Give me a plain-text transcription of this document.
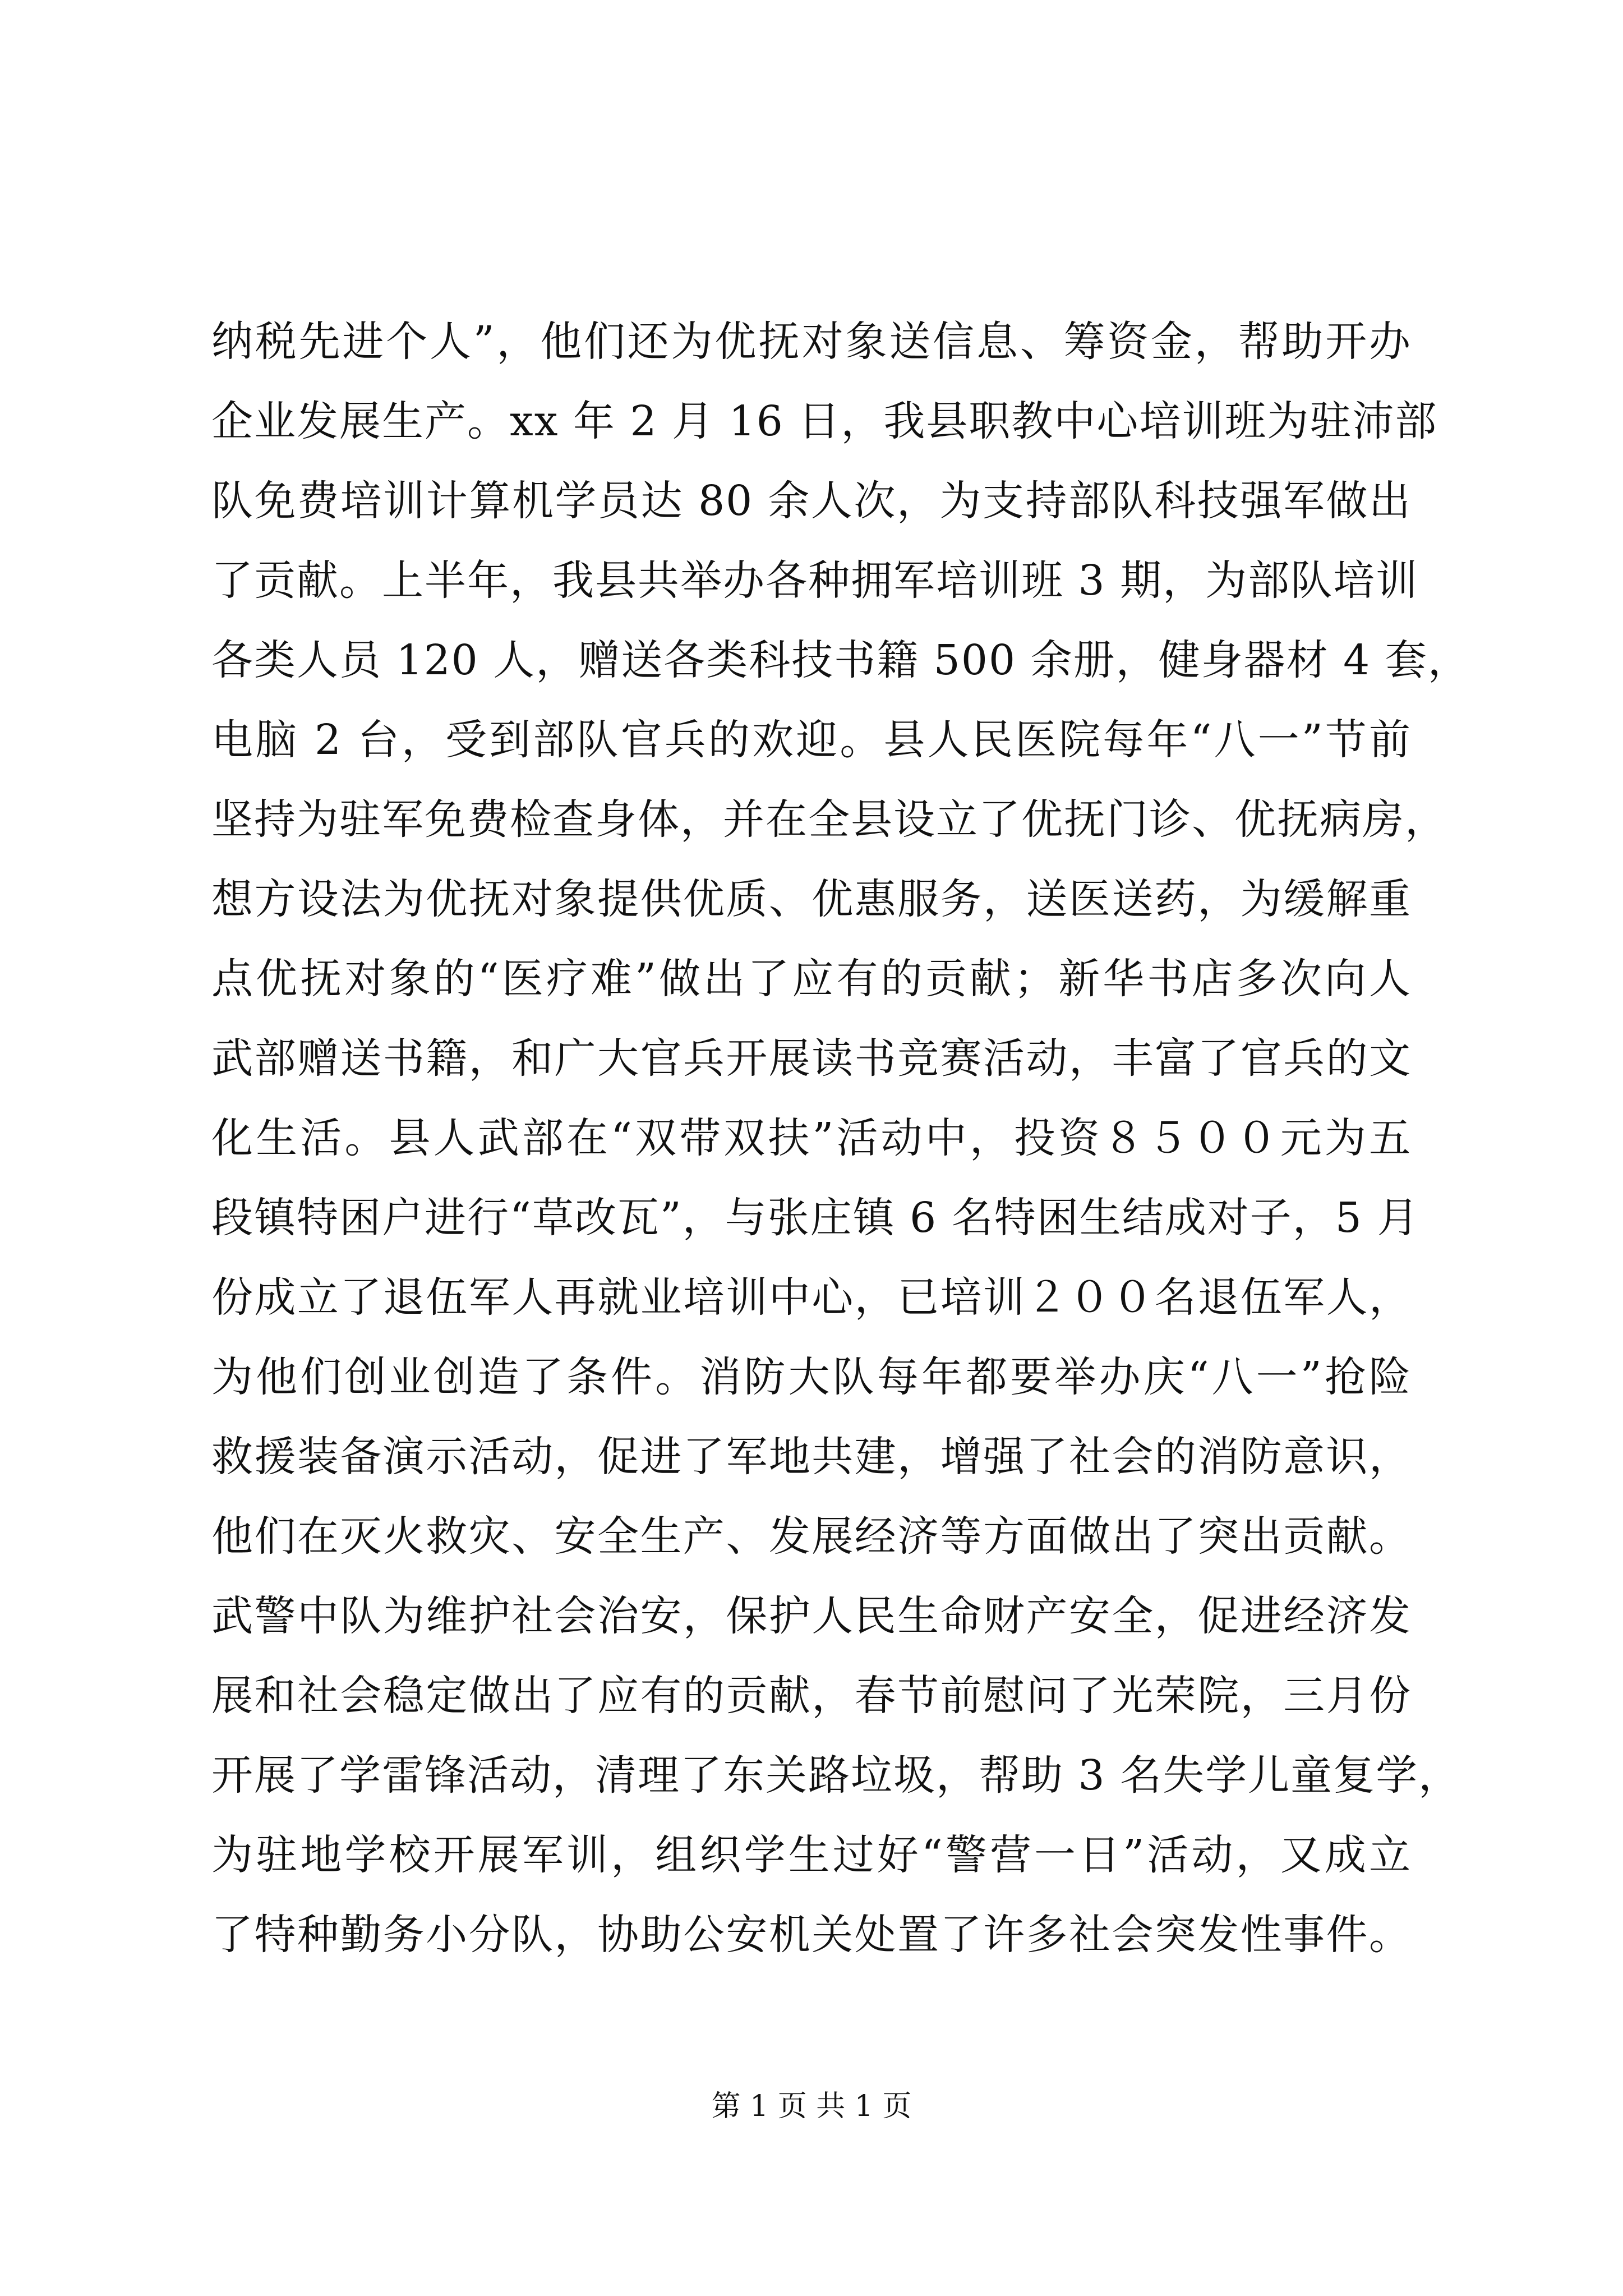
纳税先进个人”，他们还为优抚对象送信息、筹资金，帮助开办
企业发展生产。xx 年 2 月 16 日，我县职教中心培训班为驻沛部
队免费培训计算机学员达 80 余人次，为支持部队科技强军做出
了贡献。上半年，我县共举办各种拥军培训班 3 期，为部队培训
各类人员 120 人，赠送各类科技书籍 500 余册，健身器材 4 套，
电脑 2 台，受到部队官兵的欢迎。县人民医院每年“八一”节前
坚持为驻军免费检查身体，并在全县设立了优抚门诊、优抚病房，
想方设法为优抚对象提供优质、优惠服务，送医送药，为缓解重
点优抚对象的“医疗难”做出了应有的贡献；新华书店多次向人
武部赠送书籍，和广大官兵开展读书竞赛活动，丰富了官兵的文
化生活。县人武部在“双带双扶”活动中，投资８５００元为五
段镇特困户进行“草改瓦”，与张庄镇 6 名特困生结成对子，5 月
份成立了退伍军人再就业培训中心，已培训２００名退伍军人，
为他们创业创造了条件。消防大队每年都要举办庆“八一”抢险
救援装备演示活动，促进了军地共建，增强了社会的消防意识，
他们在灭火救灾、安全生产、发展经济等方面做出了突出贡献。
武警中队为维护社会治安，保护人民生命财产安全，促进经济发
展和社会稳定做出了应有的贡献，春节前慰问了光荣院，三月份
开展了学雷锋活动，清理了东关路垃圾，帮助 3 名失学儿童复学，
为驻地学校开展军训，组织学生过好“警营一日”活动，又成立
了特种勤务小分队，协助公安机关处置了许多社会突发性事件。
第 1 页 共 1 页
